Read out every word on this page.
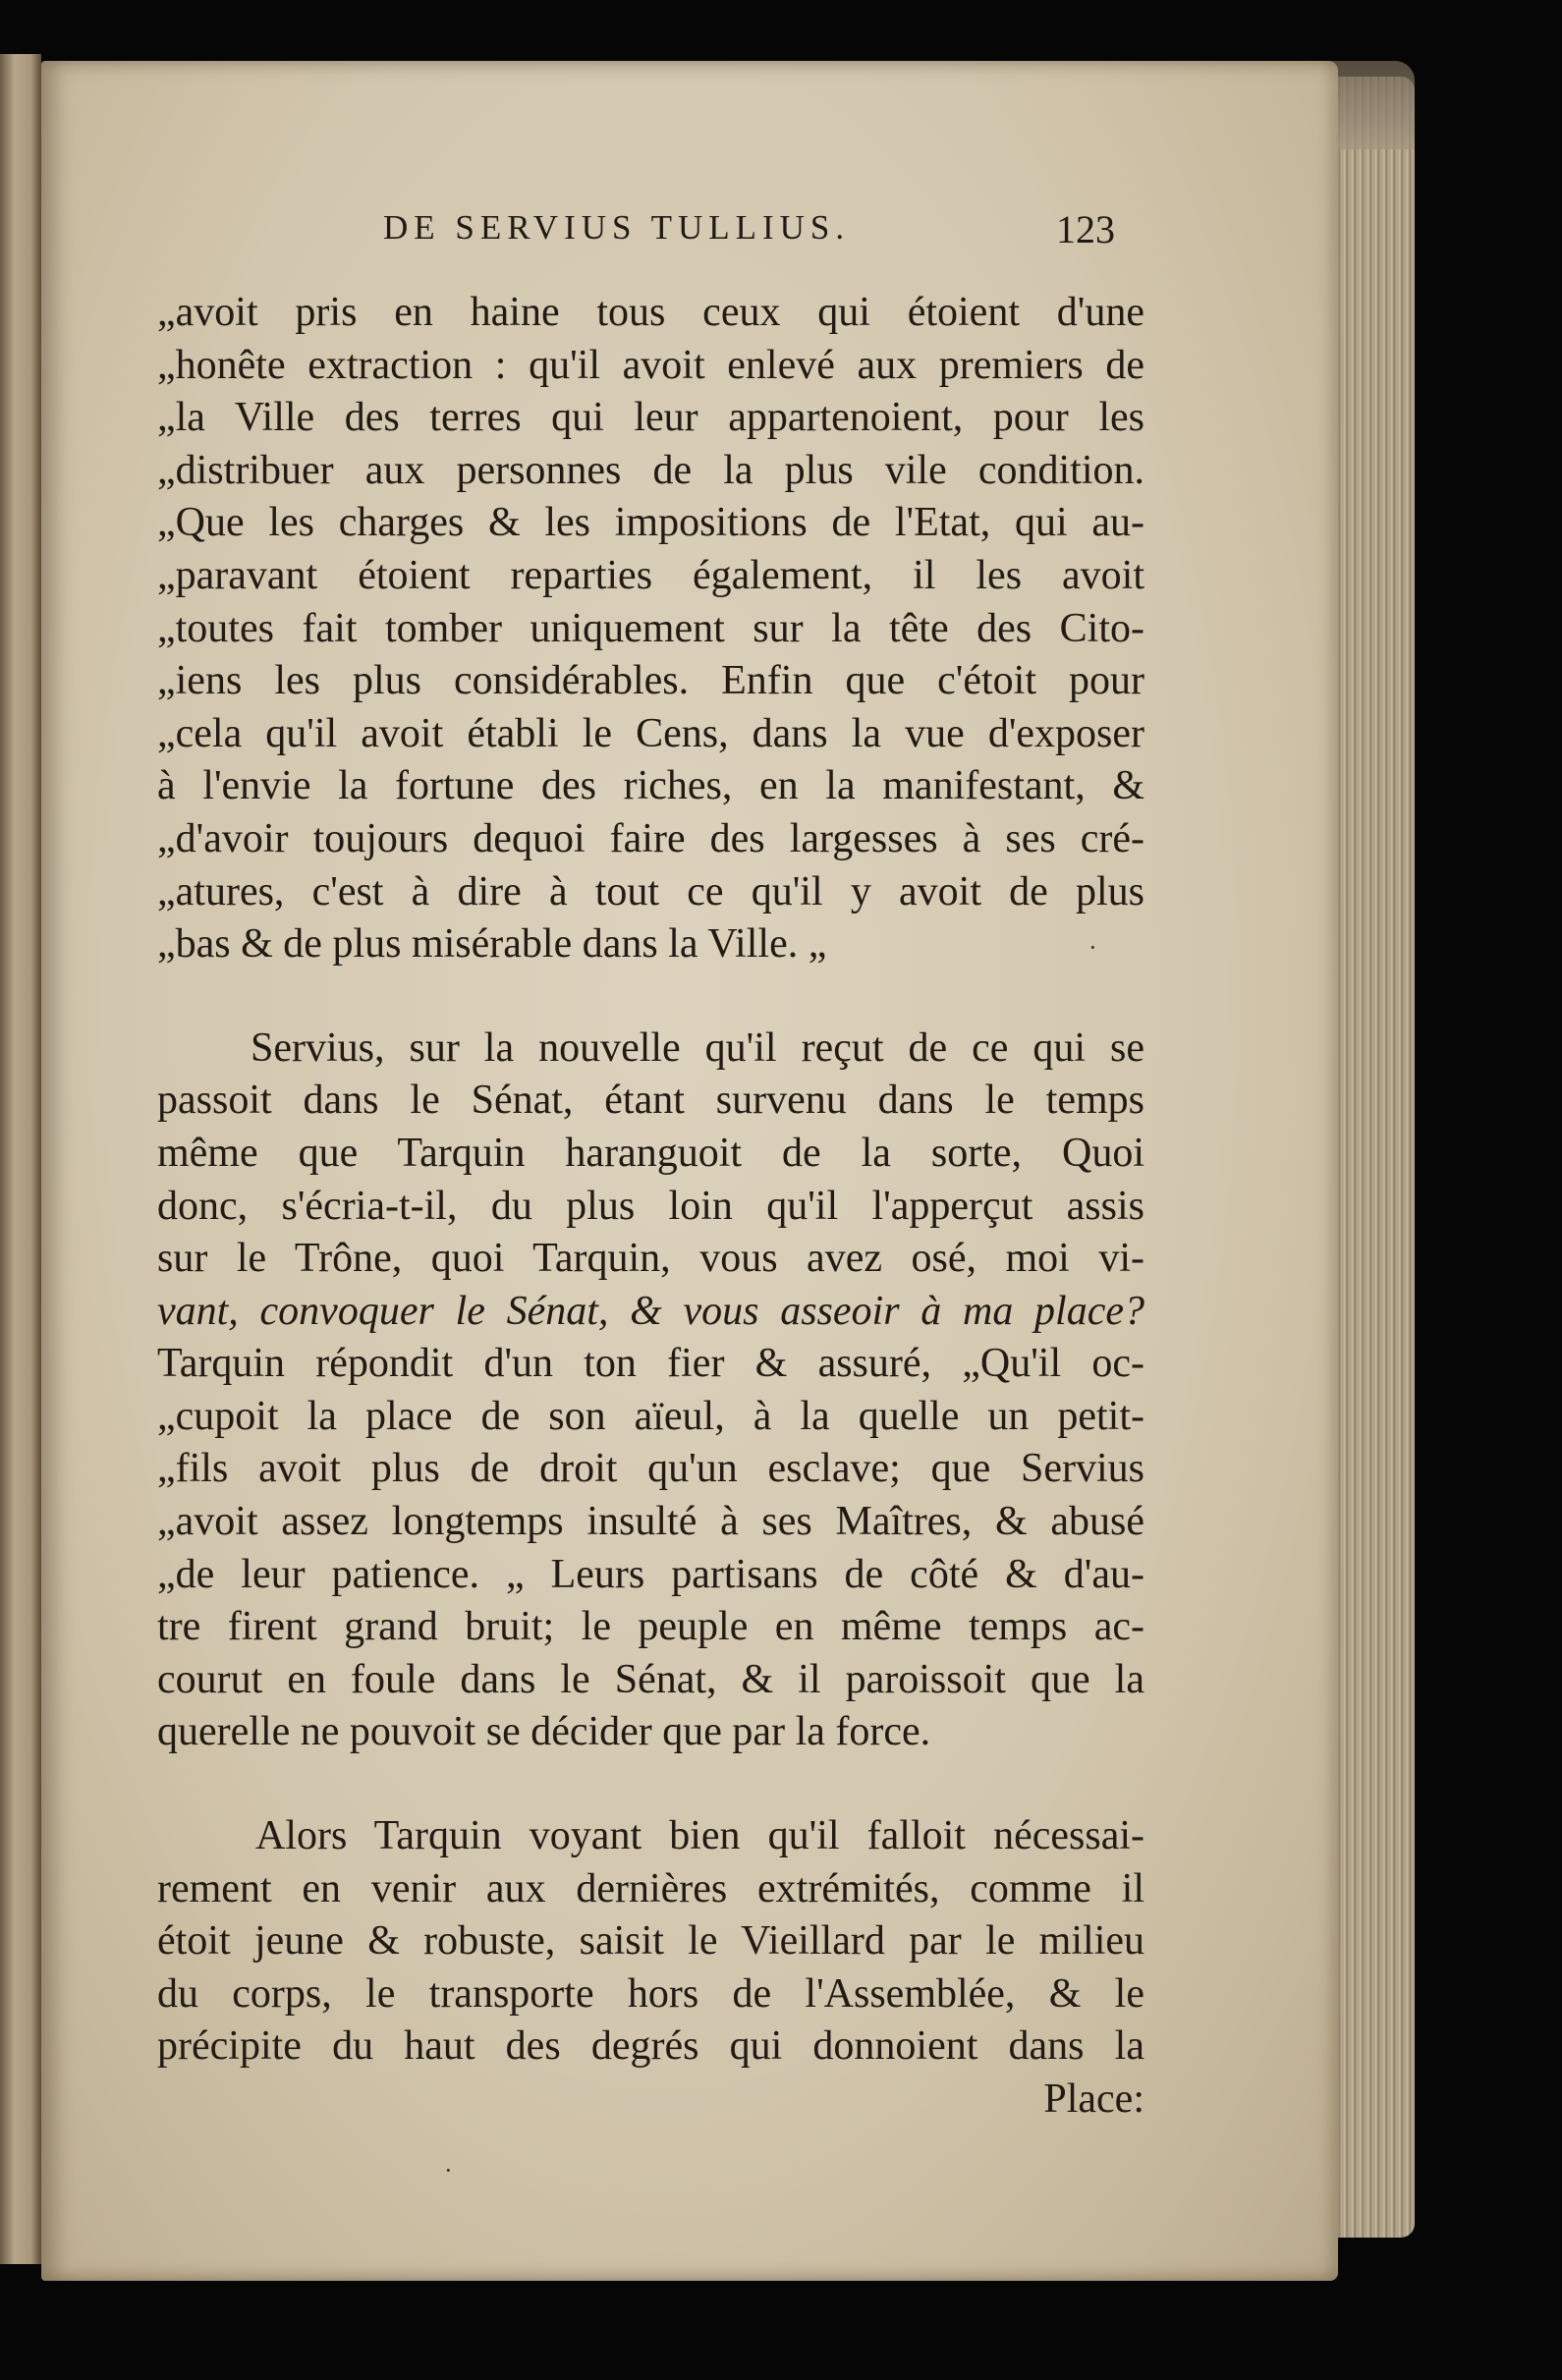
DE SERVIUS TULLIUS.	123
„avoit pris en haine tous ceux qui étoient d'une
„honête extraction : qu'il avoit enlevé aux premiers de
„la Ville des terres qui leur appartenoient, pour les
„distribuer aux personnes de la plus vile condition.
„Que les charges & les impositions de l'Etat, qui au-
„paravant étoient reparties également, il les avoit
„toutes fait tomber uniquement sur la tête des Cito-
„iens les plus considérables. Enfin que c'étoit pour
„cela qu'il avoit établi le Cens, dans la vue d'exposer
à l'envie la fortune des riches, en la manifestant, &
„d'avoir toujours dequoi faire des largesses à ses cré-
„atures, c'est à dire à tout ce qu'il y avoit de plus
„bas & de plus misérable dans la Ville. „
Servius, sur la nouvelle qu'il reçut de ce qui se
passoit dans le Sénat, étant survenu dans le temps
même que Tarquin haranguoit de la sorte, Quoi
donc, s'écria-t-il, du plus loin qu'il l'apperçut assis
sur le Trône, quoi Tarquin, vous avez osé, moi vi-
vant, convoquer le Sénat, & vous asseoir à ma place?
Tarquin répondit d'un ton fier & assuré, „Qu'il oc-
„cupoit la place de son aïeul, à la quelle un petit-
„fils avoit plus de droit qu'un esclave; que Servius
„avoit assez longtemps insulté à ses Maîtres, & abusé
„de leur patience. „ Leurs partisans de côté & d'au-
tre firent grand bruit; le peuple en même temps ac-
courut en foule dans le Sénat, & il paroissoit que la
querelle ne pouvoit se décider que par la force.
Alors Tarquin voyant bien qu'il falloit nécessai-
rement en venir aux dernières extrémités, comme il
étoit jeune & robuste, saisit le Vieillard par le milieu
du corps, le transporte hors de l'Assemblée, & le
précipite du haut des degrés qui donnoient dans la
Place:
·
·
